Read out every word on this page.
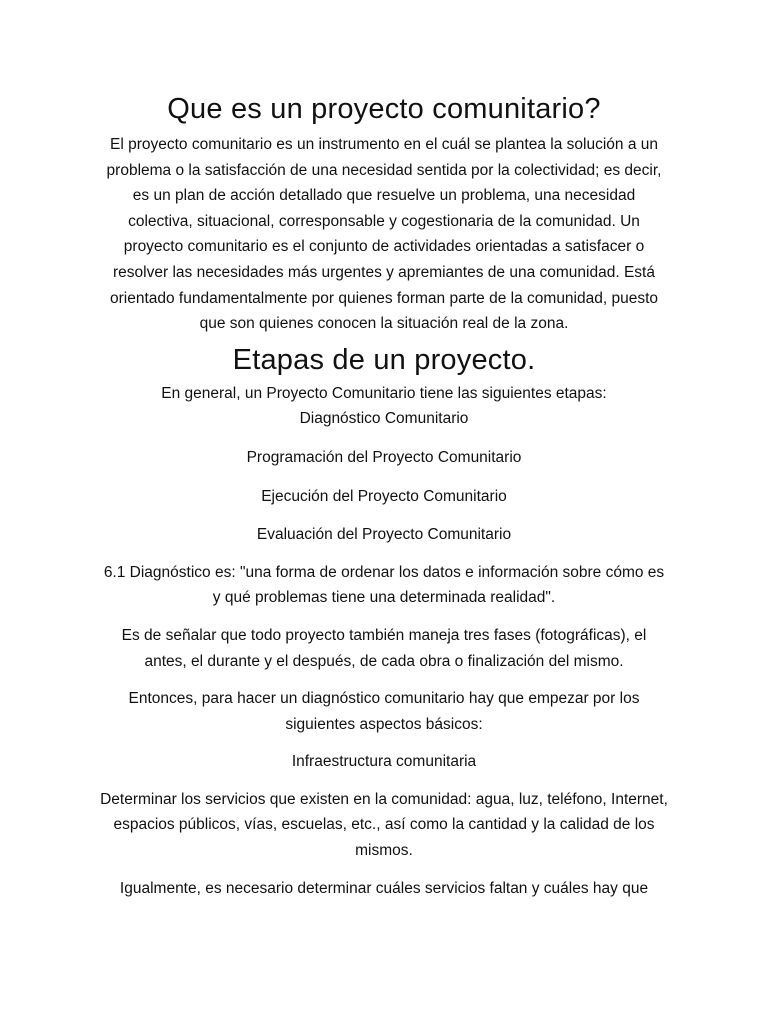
Que es un proyecto comunitario?

El proyecto comunitario es un instrumento en el cuál se plantea la solución a un problema o la satisfacción de una necesidad sentida por la colectividad; es decir, es un plan de acción detallado que resuelve un problema, una necesidad colectiva, situacional, corresponsable y cogestionaria de la comunidad. Un proyecto comunitario es el conjunto de actividades orientadas a satisfacer o resolver las necesidades más urgentes y apremiantes de una comunidad. Está orientado fundamentalmente por quienes forman parte de la comunidad, puesto que son quienes conocen la situación real de la zona.

Etapas de un proyecto.

En general, un Proyecto Comunitario tiene las siguientes etapas:

Diagnóstico Comunitario

Programación del Proyecto Comunitario

Ejecución del Proyecto Comunitario

Evaluación del Proyecto Comunitario

6.1 Diagnóstico es: "una forma de ordenar los datos e información sobre cómo es y qué problemas tiene una determinada realidad".

Es de señalar que todo proyecto también maneja tres fases (fotográficas), el antes, el durante y el después, de cada obra o finalización del mismo.

Entonces, para hacer un diagnóstico comunitario hay que empezar por los siguientes aspectos básicos:

Infraestructura comunitaria

Determinar los servicios que existen en la comunidad: agua, luz, teléfono, Internet, espacios públicos, vías, escuelas, etc., así como la cantidad y la calidad de los mismos.

Igualmente, es necesario determinar cuáles servicios faltan y cuáles hay que
